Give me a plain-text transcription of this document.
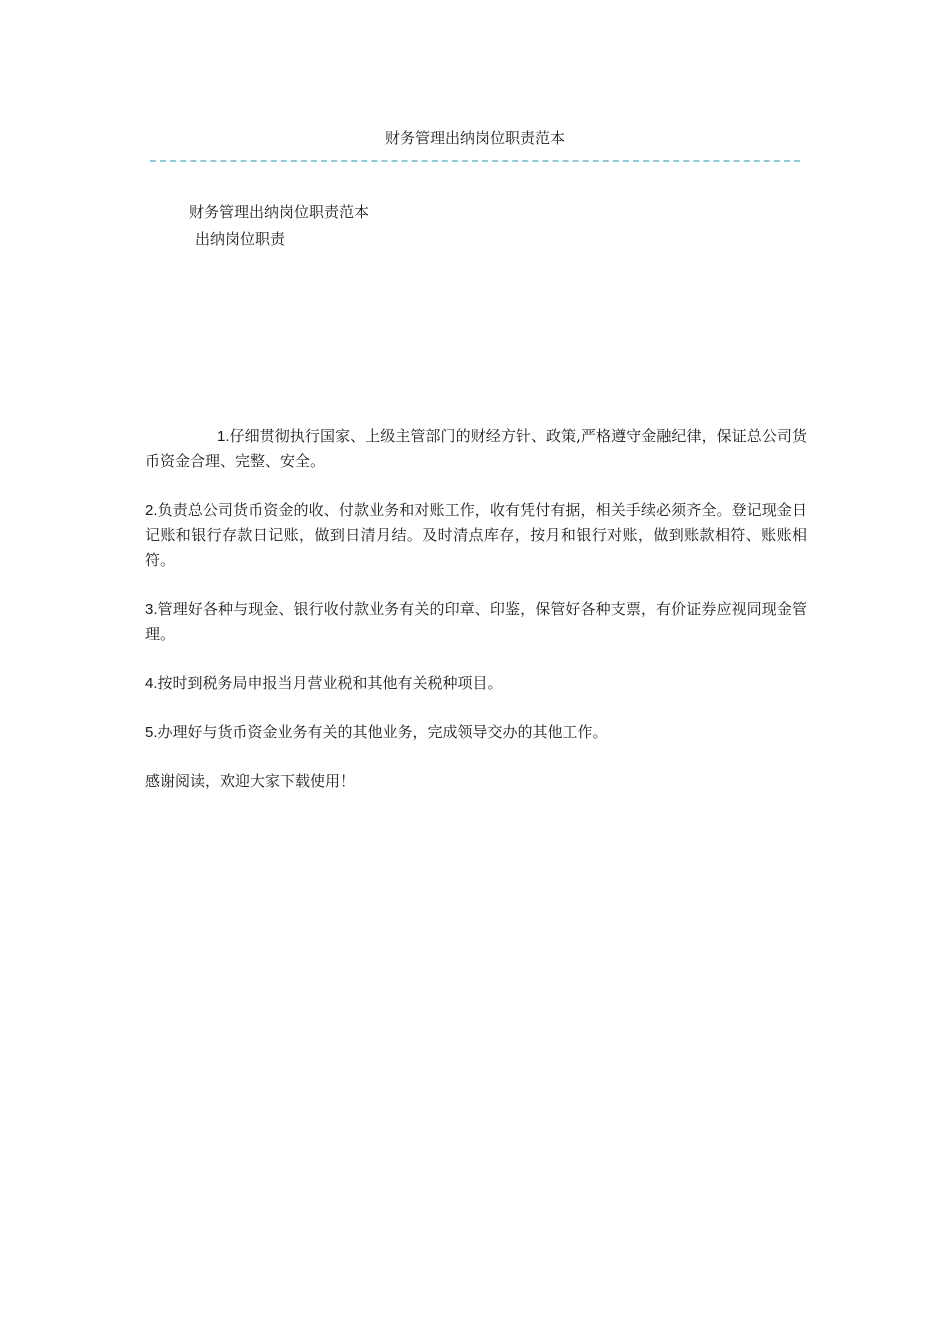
财务管理出纳岗位职责范本
财务管理出纳岗位职责范本
出纳岗位职责

1.仔细贯彻执行国家、上级主管部门的财经方针、政策,严格遵守金融纪律，保证总公司货币资金合理、完整、安全。

2.负责总公司货币资金的收、付款业务和对账工作，收有凭付有据，相关手续必须齐全。登记现金日记账和银行存款日记账，做到日清月结。及时清点库存，按月和银行对账，做到账款相符、账账相符。

3.管理好各种与现金、银行收付款业务有关的印章、印鉴，保管好各种支票，有价证券应视同现金管理。

4.按时到税务局申报当月营业税和其他有关税种项目。

5.办理好与货币资金业务有关的其他业务，完成领导交办的其他工作。

感谢阅读，欢迎大家下载使用！
